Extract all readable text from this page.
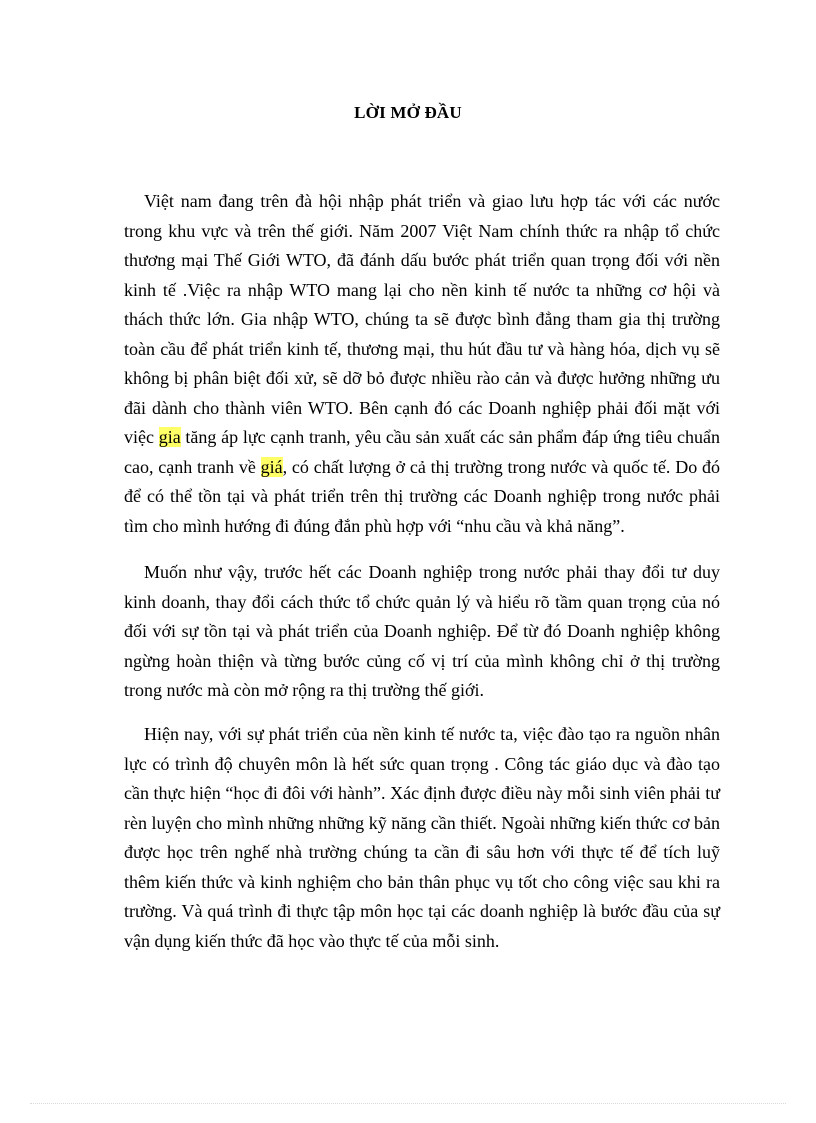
LỜI MỞ ĐẦU

Việt nam đang trên đà hội nhập phát triển và giao lưu hợp tác với các nước trong khu vực và trên thế giới. Năm 2007 Việt Nam chính thức ra nhập tổ chức thương mại Thế Giới WTO, đã đánh dấu bước phát triển quan trọng đối với nền kinh tế .Việc ra nhập WTO mang lại cho nền kinh tế nước ta những cơ hội và thách thức lớn. Gia nhập WTO, chúng ta sẽ được bình đẳng tham gia thị trường toàn cầu để phát triển kinh tế, thương mại, thu hút đầu tư và hàng hóa, dịch vụ sẽ không bị phân biệt đối xử, sẽ dỡ bỏ được nhiều rào cản và được hưởng những ưu đãi dành cho thành viên WTO. Bên cạnh đó các Doanh nghiệp phải đối mặt với việc gia tăng áp lực cạnh tranh, yêu cầu sản xuất các sản phẩm đáp ứng tiêu chuẩn cao, cạnh tranh về giá, có chất lượng ở cả thị trường trong nước và quốc tế. Do đó để có thể tồn tại và phát triển trên thị trường các Doanh nghiệp trong nước phải tìm cho mình hướng đi đúng đắn phù hợp với “nhu cầu và khả năng”.

Muốn như vậy, trước hết các Doanh nghiệp trong nước phải thay đổi tư duy kinh doanh, thay đổi cách thức tổ chức quản lý và hiểu rõ tầm quan trọng của nó đối với sự tồn tại và phát triển của Doanh nghiệp. Để từ đó Doanh nghiệp không ngừng hoàn thiện và từng bước củng cố vị trí của mình không chỉ ở thị trường trong nước mà còn mở rộng ra thị trường thế giới.

Hiện nay, với sự phát triển của nền kinh tế nước ta, việc đào tạo ra nguồn nhân lực có trình độ chuyên môn là hết sức quan trọng . Công tác giáo dục và đào tạo cần thực hiện “học đi đôi với hành”. Xác định được điều này mỗi sinh viên phải tư rèn luyện cho mình những những kỹ năng cần thiết. Ngoài những kiến thức cơ bản được học trên nghế nhà trường chúng ta cần đi sâu hơn với thực tế để tích luỹ thêm kiến thức và kinh nghiệm cho bản thân phục vụ tốt cho công việc sau khi ra trường. Và quá trình đi thực tập môn học tại các doanh nghiệp là bước đầu của sự vận dụng kiến thức đã học vào thực tế của mỗi sinh.
